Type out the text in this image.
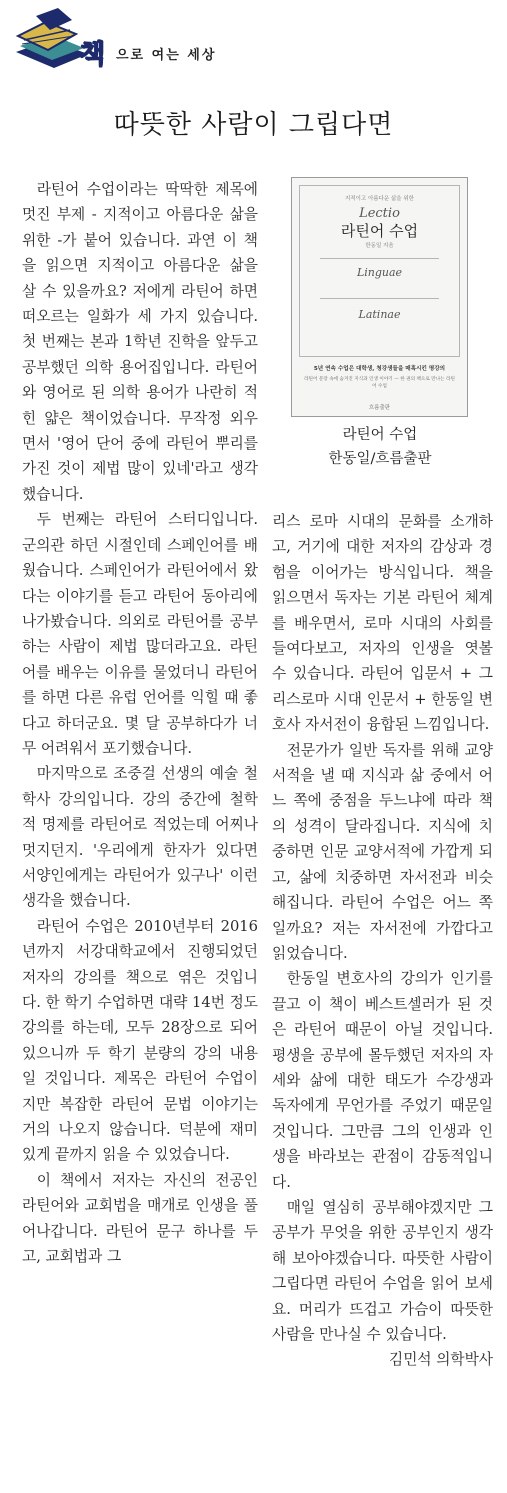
책 으로 여는 세상
따뜻한 사람이 그립다면

라틴어 수업이라는 딱딱한 제목에 멋진 부제 - 지적이고 아름다운 삶을 위한 -가 붙어 있습니다. 과연 이 책을 읽으면 지적이고 아름다운 삶을 살 수 있을까요? 저에게 라틴어 하면 떠오르는 일화가 세 가지 있습니다. 첫 번째는 본과 1학년 진학을 앞두고 공부했던 의학 용어집입니다. 라틴어와 영어로 된 의학 용어가 나란히 적힌 얇은 책이었습니다. 무작정 외우면서 '영어 단어 중에 라틴어 뿌리를 가진 것이 제법 많이 있네'라고 생각했습니다.

두 번째는 라틴어 스터디입니다. 군의관 하던 시절인데 스페인어를 배웠습니다. 스페인어가 라틴어에서 왔다는 이야기를 듣고 라틴어 동아리에 나가봤습니다. 의외로 라틴어를 공부하는 사람이 제법 많더라고요. 라틴어를 배우는 이유를 물었더니 라틴어를 하면 다른 유럽 언어를 익힐 때 좋다고 하더군요. 몇 달 공부하다가 너무 어려워서 포기했습니다.

마지막으로 조중걸 선생의 예술 철학사 강의입니다. 강의 중간에 철학적 명제를 라틴어로 적었는데 어찌나 멋지던지. '우리에게 한자가 있다면 서양인에게는 라틴어가 있구나' 이런 생각을 했습니다.

라틴어 수업은 2010년부터 2016년까지 서강대학교에서 진행되었던 저자의 강의를 책으로 엮은 것입니다. 한 학기 수업하면 대략 14번 정도 강의를 하는데, 모두 28장으로 되어 있으니까 두 학기 분량의 강의 내용일 것입니다. 제목은 라틴어 수업이지만 복잡한 라틴어 문법 이야기는 거의 나오지 않습니다. 덕분에 재미있게 끝까지 읽을 수 있었습니다.

이 책에서 저자는 자신의 전공인 라틴어와 교회법을 매개로 인생을 풀어나갑니다. 라틴어 문구 하나를 두고, 교회법과 그

지적이고 아름다운 삶을 위한
Lectio
라틴어 수업
한동일 지음
Linguae
Latinae
5년 연속 수업은 대학생, 청강생들을 매혹시킨 명강의
라틴어 문장 속에 숨겨진 지식과 인생 이야기 — 한 권의 책으로 만나는 라틴어 수업
흐름출판
라틴어 수업
한동일/흐름출판

리스 로마 시대의 문화를 소개하고, 거기에 대한 저자의 감상과 경험을 이어가는 방식입니다. 책을 읽으면서 독자는 기본 라틴어 체계를 배우면서, 로마 시대의 사회를 들여다보고, 저자의 인생을 엿볼 수 있습니다. 라틴어 입문서 + 그리스로마 시대 인문서 + 한동일 변호사 자서전이 융합된 느낌입니다.

전문가가 일반 독자를 위해 교양서적을 낼 때 지식과 삶 중에서 어느 쪽에 중점을 두느냐에 따라 책의 성격이 달라집니다. 지식에 치중하면 인문 교양서적에 가깝게 되고, 삶에 치중하면 자서전과 비슷해집니다. 라틴어 수업은 어느 쪽일까요? 저는 자서전에 가깝다고 읽었습니다.

한동일 변호사의 강의가 인기를 끌고 이 책이 베스트셀러가 된 것은 라틴어 때문이 아닐 것입니다. 평생을 공부에 몰두했던 저자의 자세와 삶에 대한 태도가 수강생과 독자에게 무언가를 주었기 때문일 것입니다. 그만큼 그의 인생과 인생을 바라보는 관점이 감동적입니다.

매일 열심히 공부해야겠지만 그 공부가 무엇을 위한 공부인지 생각해 보아야겠습니다. 따뜻한 사람이 그립다면 라틴어 수업을 읽어 보세요. 머리가 뜨겁고 가슴이 따뜻한 사람을 만나실 수 있습니다.

김민석 의학박사
